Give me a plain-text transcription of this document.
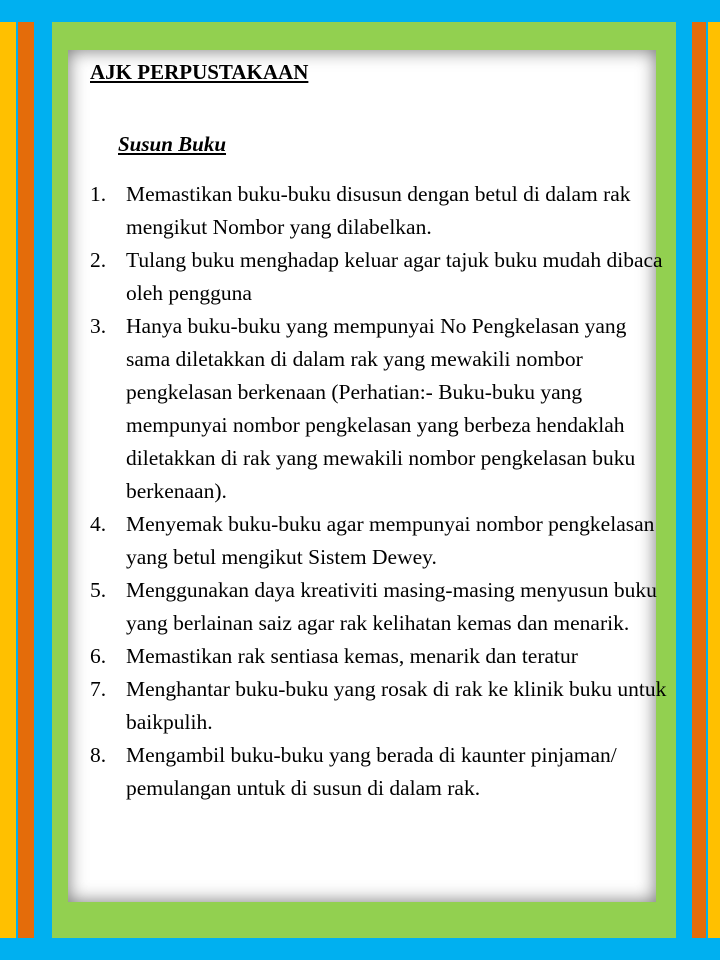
AJK PERPUSTAKAAN

Susun Buku

1. Memastikan buku-buku disusun dengan betul di dalam rak mengikut Nombor yang dilabelkan.
2. Tulang buku menghadap keluar agar tajuk buku mudah dibaca oleh pengguna
3. Hanya buku-buku yang mempunyai No Pengkelasan yang sama diletakkan di dalam rak yang mewakili nombor pengkelasan berkenaan (Perhatian:- Buku-buku yang mempunyai nombor pengkelasan yang berbeza hendaklah diletakkan di rak yang mewakili nombor pengkelasan buku berkenaan).
4. Menyemak buku-buku agar mempunyai nombor pengkelasan yang betul mengikut Sistem Dewey.
5. Menggunakan daya kreativiti masing-masing menyusun buku yang berlainan saiz agar rak kelihatan kemas dan menarik.
6. Memastikan rak sentiasa kemas, menarik dan teratur
7. Menghantar buku-buku yang rosak di rak ke klinik buku untuk baikpulih.
8. Mengambil buku-buku yang berada di kaunter pinjaman/ pemulangan untuk di susun di dalam rak.
